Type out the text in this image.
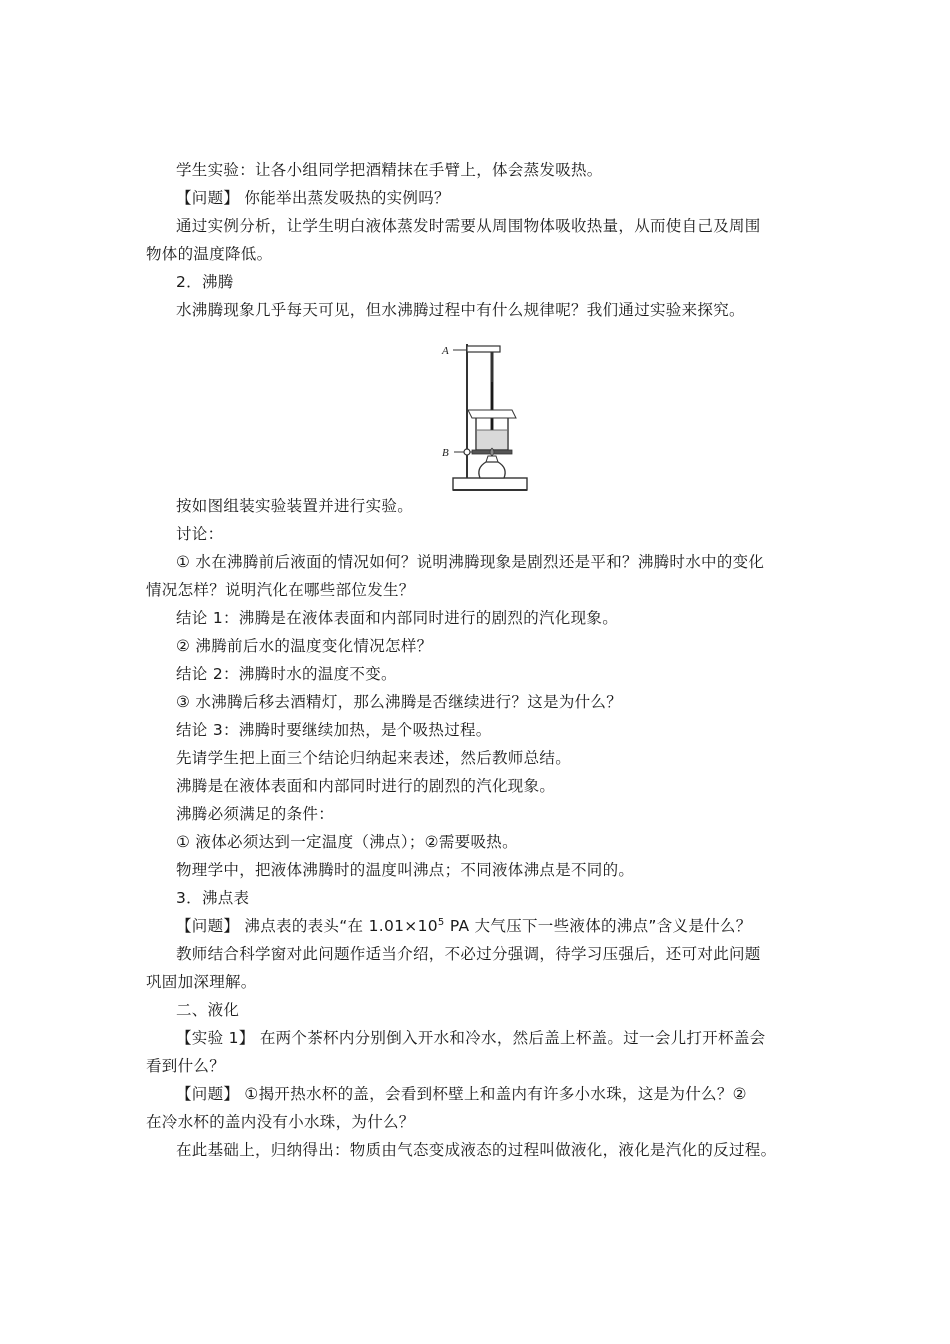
学生实验：让各小组同学把酒精抹在手臂上，体会蒸发吸热。
【问题】 你能举出蒸发吸热的实例吗？
通过实例分析，让学生明白液体蒸发时需要从周围物体吸收热量，从而使自己及周围
物体的温度降低。
2．沸腾
水沸腾现象几乎每天可见，但水沸腾过程中有什么规律呢？我们通过实验来探究。
A
B
按如图组装实验装置并进行实验。
讨论：
① 水在沸腾前后液面的情况如何？说明沸腾现象是剧烈还是平和？沸腾时水中的变化
情况怎样？说明汽化在哪些部位发生？
结论 1：沸腾是在液体表面和内部同时进行的剧烈的汽化现象。
② 沸腾前后水的温度变化情况怎样？
结论 2：沸腾时水的温度不变。
③ 水沸腾后移去酒精灯，那么沸腾是否继续进行？这是为什么？
结论 3：沸腾时要继续加热，是个吸热过程。
先请学生把上面三个结论归纳起来表述，然后教师总结。
沸腾是在液体表面和内部同时进行的剧烈的汽化现象。
沸腾必须满足的条件：
① 液体必须达到一定温度（沸点）；②需要吸热。
物理学中，把液体沸腾时的温度叫沸点；不同液体沸点是不同的。
3．沸点表
【问题】 沸点表的表头“在 $1.01\times 10^5$ PA 大气压下一些液体的沸点”含义是什么？
教师结合科学窗对此问题作适当介绍，不必过分强调，待学习压强后，还可对此问题
巩固加深理解。
二、液化
【实验 1】 在两个茶杯内分别倒入开水和冷水，然后盖上杯盖。过一会儿打开杯盖会
看到什么？
【问题】 ①揭开热水杯的盖，会看到杯壁上和盖内有许多小水珠，这是为什么？②
在冷水杯的盖内没有小水珠，为什么？
在此基础上，归纳得出：物质由气态变成液态的过程叫做液化，液化是汽化的反过程。
